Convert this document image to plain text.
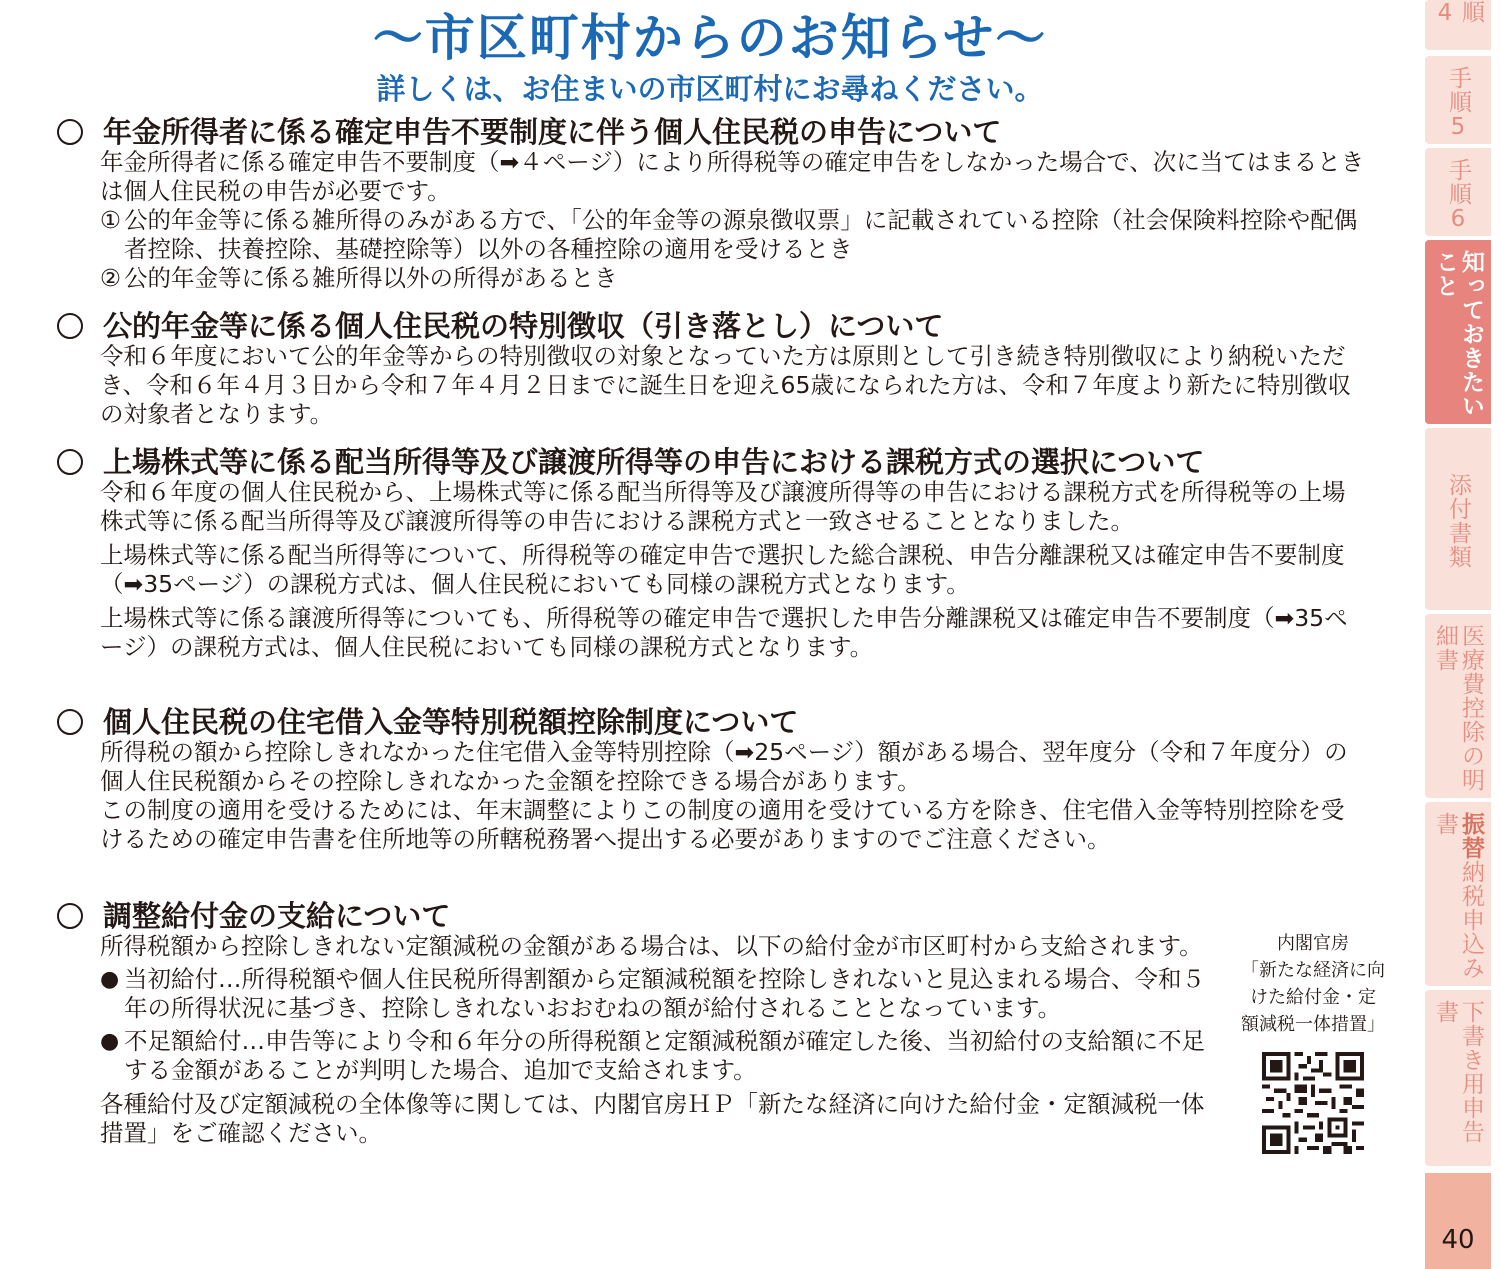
～市区町村からのお知らせ～
詳しくは、お住まいの市区町村にお尋ねください。
年金所得者に係る確定申告不要制度に伴う個人住民税の申告について

年金所得者に係る確定申告不要制度（➡４ページ）により所得税等の確定申告をしなかった場合で、次に当てはまるときは個人住民税の申告が必要です。

① 公的年金等に係る雑所得のみがある方で、「公的年金等の源泉徴収票」に記載されている控除（社会保険料控除や配偶者控除、扶養控除、基礎控除等）以外の各種控除の適用を受けるとき
② 公的年金等に係る雑所得以外の所得があるとき
公的年金等に係る個人住民税の特別徴収（引き落とし）について

令和６年度において公的年金等からの特別徴収の対象となっていた方は原則として引き続き特別徴収により納税いただき、令和６年４月３日から令和７年４月２日までに誕生日を迎え65歳になられた方は、令和７年度より新たに特別徴収の対象者となります。

上場株式等に係る配当所得等及び譲渡所得等の申告における課税方式の選択について

令和６年度の個人住民税から、上場株式等に係る配当所得等及び譲渡所得等の申告における課税方式を所得税等の上場株式等に係る配当所得等及び譲渡所得等の申告における課税方式と一致させることとなりました。

上場株式等に係る配当所得等について、所得税等の確定申告で選択した総合課税、申告分離課税又は確定申告不要制度（➡35ページ）の課税方式は、個人住民税においても同様の課税方式となります。

上場株式等に係る譲渡所得等についても、所得税等の確定申告で選択した申告分離課税又は確定申告不要制度（➡35ページ）の課税方式は、個人住民税においても同様の課税方式となります。

個人住民税の住宅借入金等特別税額控除制度について

所得税の額から控除しきれなかった住宅借入金等特別控除（➡25ページ）額がある場合、翌年度分（令和７年度分）の個人住民税額からその控除しきれなかった金額を控除できる場合があります。

この制度の適用を受けるためには、年末調整によりこの制度の適用を受けている方を除き、住宅借入金等特別控除を受けるための確定申告書を住所地等の所轄税務署へ提出する必要がありますのでご注意ください。

調整給付金の支給について

所得税額から控除しきれない定額減税の金額がある場合は、以下の給付金が市区町村から支給されます。

● 当初給付…所得税額や個人住民税所得割額から定額減税額を控除しきれないと見込まれる場合、令和５年の所得状況に基づき、控除しきれないおおむねの額が給付されることとなっています。
● 不足額給付…申告等により令和６年分の所得税額と定額減税額が確定した後、当初給付の支給額に不足する金額があることが判明した場合、追加で支給されます。

各種給付及び定額減税の全体像等に関しては、内閣官房ＨＰ「新たな経済に向けた給付金・定額減税一体措置」をご確認ください。

内閣官房
「新たな経済に向
けた給付金・定
額減税一体措置」
順4
手順5
手順6
知っておきたいこと
添付書類
医療費控除の明細書
振替納税申込み書
下書き用申告書
40
